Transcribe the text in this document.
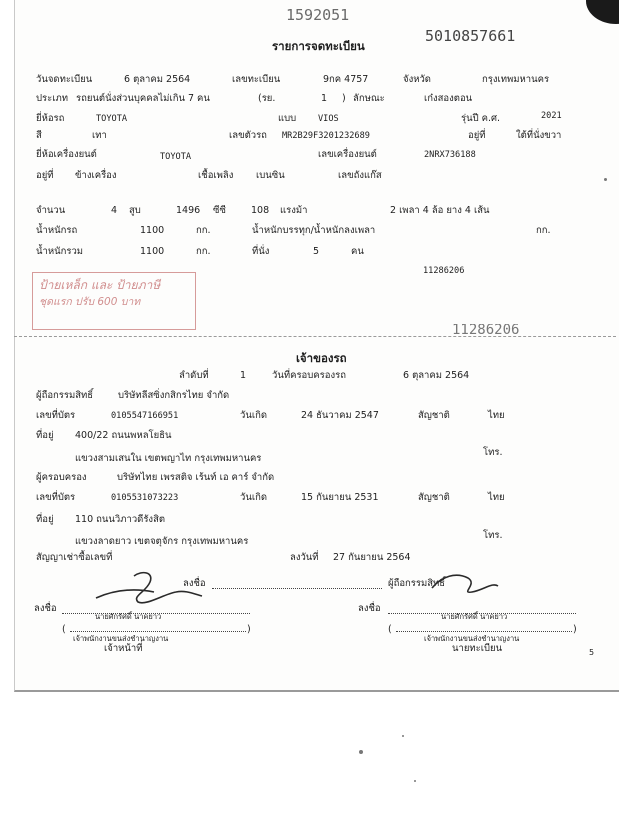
1592051
5010857661
รายการจดทะเบียน
วันจดทะเบียน	6 ตุลาคม 2564	เลขทะเบียน	9กค 4757	จังหวัด	กรุงเทพมหานคร
ประเภท รถยนต์นั่งส่วนบุคคลไม่เกิน 7 คน	(รย.	1 ) ลักษณะ	เก๋งสองตอน
ยี่ห้อรถ	TOYOTA	แบบ	VIOS	รุ่นปี ค.ศ.	2021
สี	เทา	เลขตัวรถ MR2B29F3201232689	อยู่ที่	ใต้ที่นั่งขวา
ยี่ห้อเครื่องยนต์	TOYOTA	เลขเครื่องยนต์	2NRX736188
อยู่ที่ ข้างเครื่อง	เชื้อเพลิง เบนซิน	เลขถังแก๊ส
จำนวน	4 สูบ	1496 ซีซี	108 แรงม้า	2 เพลา 4 ล้อ ยาง 4 เส้น
น้ำหนักรถ	1100	กก.	น้ำหนักบรรทุก/น้ำหนักลงเพลา	กก.
น้ำหนักรวม	1100	กก.	ที่นั่ง	5	คน
11286206
ป้ายเหล็ก และ ป้ายภาษี
ชุดแรก ปรับ 600 บาท
11286206
เจ้าของรถ
ลำดับที่	1	วันที่ครอบครองรถ	6 ตุลาคม 2564
ผู้ถือกรรมสิทธิ์	บริษัทลีสซิ่งกสิกรไทย จำกัด
เลขที่บัตร	0105547166951	วันเกิด	24 ธันวาคม 2547	สัญชาติ	ไทย
ที่อยู่ 400/22 ถนนพหลโยธิน
แขวงสามเสนใน เขตพญาไท กรุงเทพมหานคร
โทร.
ผู้ครอบครอง	บริษัทไทย เพรสติจ เร้นท์ เอ คาร์ จำกัด
เลขที่บัตร	0105531073223	วันเกิด	15 กันยายน 2531	สัญชาติ	ไทย
ที่อยู่ 110 ถนนวิภาวดีรังสิต
แขวงลาดยาว เขตจตุจักร กรุงเทพมหานคร
โทร.
สัญญาเช่าซื้อเลขที่	ลงวันที่ 27 กันยายน 2564
ลงชื่อ	ผู้ถือกรรมสิทธิ์
ลงชื่อ
นายศักรัศดิ์ นาคยาว
(	)
เจ้าพนักงานขนส่งชำนาญงาน
เจ้าหน้าที่
ลงชื่อ
นายศักรัศดิ์ นาคยาว
(	)
เจ้าพนักงานขนส่งชำนาญงาน
นายทะเบียน	5
